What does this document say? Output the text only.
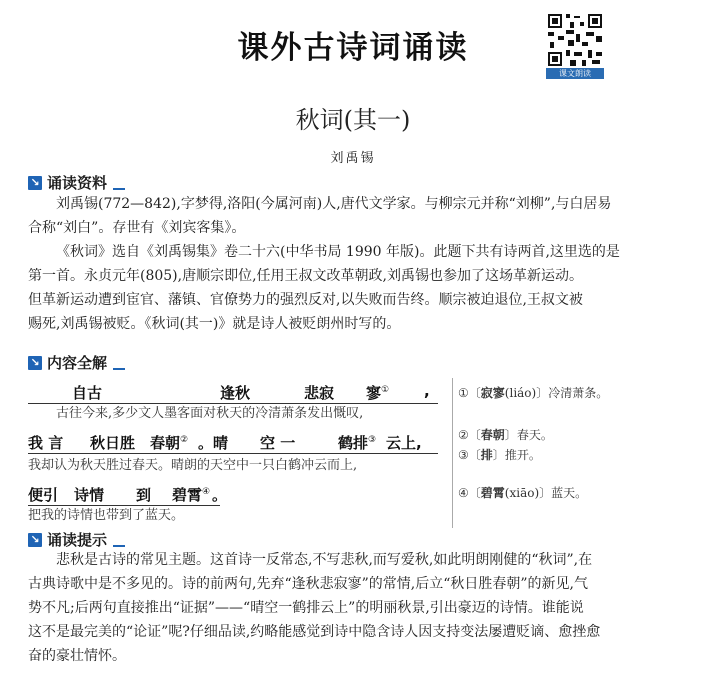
课外古诗词诵读
课文朗读
秋词(其一)
刘禹锡
↘ 诵读资料
刘禹锡(772—842),字梦得,洛阳(今属河南)人,唐代文学家。与柳宗元并称“刘柳”,与白居易
合称“刘白”。存世有《刘宾客集》。
《秋词》选自《刘禹锡集》卷二十六(中华书局 1990 年版)。此题下共有诗两首,这里选的是
第一首。永贞元年(805),唐顺宗即位,任用王叔文改革朝政,刘禹锡也参加了这场革新运动。
但革新运动遭到宦官、藩镇、官僚势力的强烈反对,以失败而告终。顺宗被迫退位,王叔文被
赐死,刘禹锡被贬。《秋词(其一)》就是诗人被贬朗州时写的。
↘ 内容全解
自古	逢秋	悲寂 寥① ,
古往今来,多少文人墨客面对秋天的冷清萧条发出慨叹,
我 言 秋日胜 春朝② 。晴 空 一	鹤排③ 云上,
我却认为秋天胜过春天。晴朗的天空中一只白鹤冲云而上,
便引 诗情 到 碧霄④ 。
把我的诗情也带到了蓝天。
①〔寂寥(liáo)〕冷清萧条。
②〔春朝〕春天。
③〔排〕推开。
④〔碧霄(xiāo)〕蓝天。
↘ 诵读提示
悲秋是古诗的常见主题。这首诗一反常态,不写悲秋,而写爱秋,如此明朗刚健的“秋词”,在
古典诗歌中是不多见的。诗的前两句,先弃“逢秋悲寂寥”的常情,后立“秋日胜春朝”的新见,气
势不凡;后两句直接推出“证据”——“晴空一鹤排云上”的明丽秋景,引出豪迈的诗情。谁能说
这不是最完美的“论证”呢?仔细品读,约略能感觉到诗中隐含诗人因支持变法屡遭贬谪、愈挫愈
奋的豪壮情怀。
